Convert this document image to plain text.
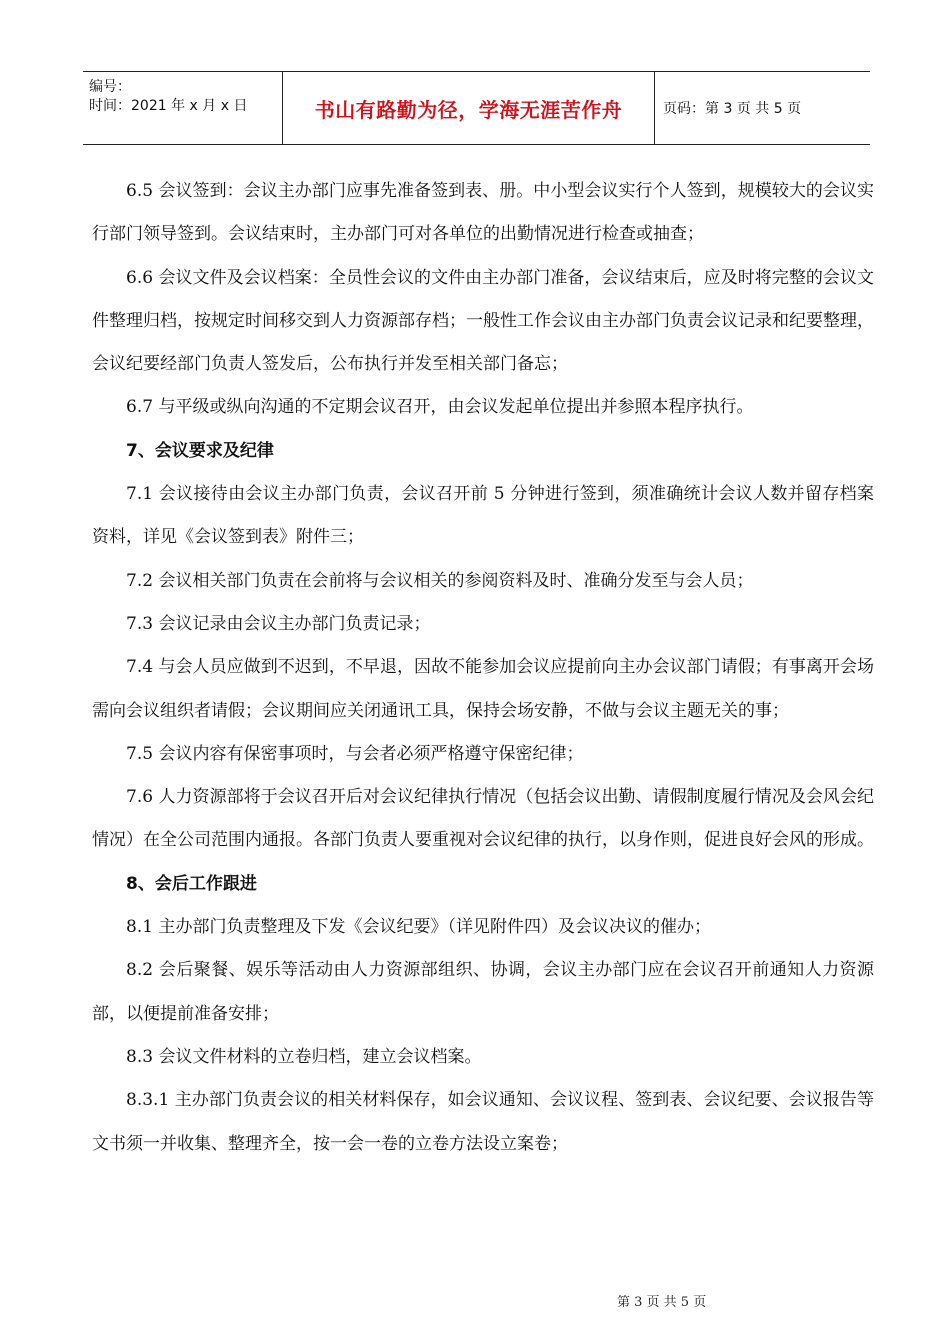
编号：
时间：2021 年 x 月 x 日	书山有路勤为径，学海无涯苦作舟	页码：第 3 页 共 5 页

6.5 会议签到：会议主办部门应事先准备签到表、册。中小型会议实行个人签到，规模较大的会议实行部门领导签到。会议结束时，主办部门可对各单位的出勤情况进行检查或抽查；

6.6 会议文件及会议档案：全员性会议的文件由主办部门准备，会议结束后，应及时将完整的会议文件整理归档，按规定时间移交到人力资源部存档；一般性工作会议由主办部门负责会议记录和纪要整理，会议纪要经部门负责人签发后，公布执行并发至相关部门备忘；

6.7 与平级或纵向沟通的不定期会议召开，由会议发起单位提出并参照本程序执行。

7、会议要求及纪律

7.1 会议接待由会议主办部门负责，会议召开前 5 分钟进行签到，须准确统计会议人数并留存档案资料，详见《会议签到表》附件三；

7.2 会议相关部门负责在会前将与会议相关的参阅资料及时、准确分发至与会人员；

7.3 会议记录由会议主办部门负责记录；

7.4 与会人员应做到不迟到，不早退，因故不能参加会议应提前向主办会议部门请假；有事离开会场需向会议组织者请假；会议期间应关闭通讯工具，保持会场安静，不做与会议主题无关的事；

7.5 会议内容有保密事项时，与会者必须严格遵守保密纪律；

7.6 人力资源部将于会议召开后对会议纪律执行情况（包括会议出勤、请假制度履行情况及会风会纪情况）在全公司范围内通报。各部门负责人要重视对会议纪律的执行，以身作则，促进良好会风的形成。

8、会后工作跟进

8.1 主办部门负责整理及下发《会议纪要》（详见附件四）及会议决议的催办；

8.2 会后聚餐、娱乐等活动由人力资源部组织、协调，会议主办部门应在会议召开前通知人力资源部，以便提前准备安排；

8.3 会议文件材料的立卷归档，建立会议档案。

8.3.1 主办部门负责会议的相关材料保存，如会议通知、会议议程、签到表、会议纪要、会议报告等文书须一并收集、整理齐全，按一会一卷的立卷方法设立案卷；

第 3 页 共 5 页
